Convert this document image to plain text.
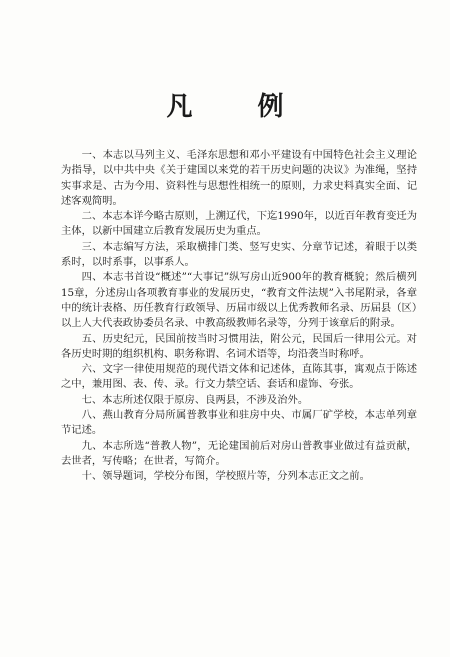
凡 例

一、本志以马列主义、毛泽东思想和邓小平建设有中国特色社会主义理论为指导，以中共中央《关于建国以来党的若干历史问题的决议》为准绳，坚持实事求是、古为今用、资料性与思想性相统一的原则，力求史料真实全面、记述客观简明。

二、本志本详今略古原则，上溯辽代，下迄1990年，以近百年教育变迁为主体，以新中国建立后教育发展历史为重点。

三、本志编写方法，采取横排门类、竖写史实、分章节记述，着眼于以类系时，以时系事，以事系人。

四、本志书首设“概述”“大事记”纵写房山近900年的教育概貌；然后横列15章，分述房山各项教育事业的发展历史，“教育文件法规”入书尾附录，各章中的统计表格、历任教育行政领导、历届市级以上优秀教师名录、历届县（区）以上人大代表政协委员名录、中教高级教师名录等，分列于该章后的附录。

五、历史纪元，民国前按当时习惯用法，附公元，民国后一律用公元。对各历史时期的组织机构、职务称谓、名词术语等，均沿袭当时称呼。

六、文字一律使用规范的现代语文体和记述体，直陈其事，寓观点于陈述之中，兼用图、表、传、录。行文力禁空话、套话和虚饰、夸张。

七、本志所述仅限于原房、良两县，不涉及治外。

八、燕山教育分局所属普教事业和驻房中央、市属厂矿学校，本志单列章节记述。

九、本志所选“普教人物”，无论建国前后对房山普教事业做过有益贡献，去世者，写传略；在世者，写简介。

十、领导题词，学校分布图，学校照片等，分列本志正文之前。
